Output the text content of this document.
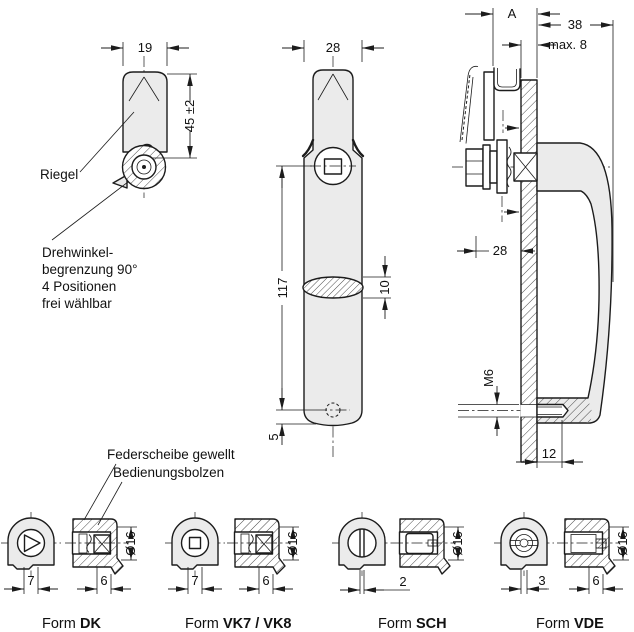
19
45 ±2
Riegel
Drehwinkel-
begrenzung 90°
4 Positionen
frei wählbar
28
117	10
5
A
38
max. 8
28
M6
12
Federscheibe gewellt
Bedienungsbolzen
7
Ø16
6
Form DK
7
Ø16
6
Form VK7 / VK8
2
Ø16
Form SCH
3
Ø16
6
Form VDE
